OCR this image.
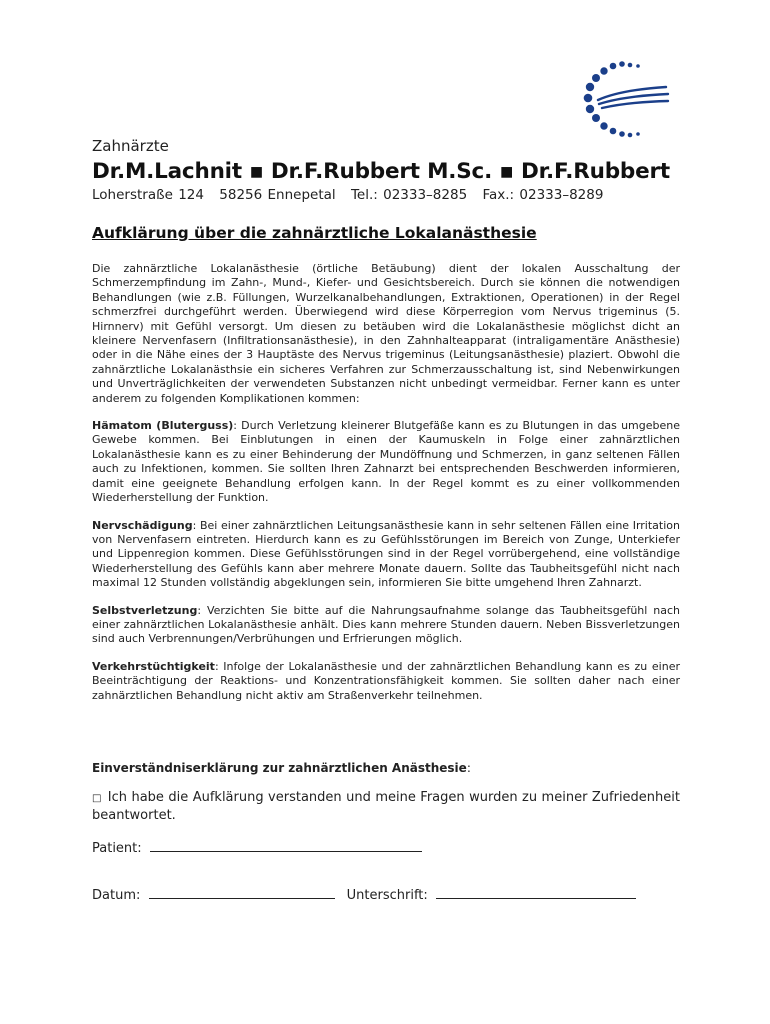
Zahnärzte
Dr.M.Lachnit ▪ Dr.F.Rubbert M.Sc. ▪ Dr.F.Rubbert
Loherstraße 124 58256 Ennepetal Tel.: 02333–8285 Fax.: 02333–8289
Aufklärung über die zahnärztliche Lokalanästhesie

Die zahnärztliche Lokalanästhesie (örtliche Betäubung) dient der lokalen Ausschaltung der Schmerzempfindung im Zahn-, Mund-, Kiefer- und Gesichtsbereich. Durch sie können die notwendigen Behandlungen (wie z.B. Füllungen, Wurzelkanalbehandlungen, Extraktionen, Operationen) in der Regel schmerzfrei durchgeführt werden. Überwiegend wird diese Körperregion vom Nervus trigeminus (5. Hirnnerv) mit Gefühl versorgt. Um diesen zu betäuben wird die Lokalanästhesie möglichst dicht an kleinere Nervenfasern (Infiltrationsanästhesie), in den Zahnhalteapparat (intraligamentäre Anästhesie) oder in die Nähe eines der 3 Hauptäste des Nervus trigeminus (Leitungsanästhesie) plaziert. Obwohl die zahnärztliche Lokalanästhsie ein sicheres Verfahren zur Schmerzausschaltung ist, sind Nebenwirkungen und Unverträglichkeiten der verwendeten Substanzen nicht unbedingt vermeidbar. Ferner kann es unter anderem zu folgenden Komplikationen kommen:

Hämatom (Bluterguss): Durch Verletzung kleinerer Blutgefäße kann es zu Blutungen in das umgebene Gewebe kommen. Bei Einblutungen in einen der Kaumuskeln in Folge einer zahnärztlichen Lokalanästhesie kann es zu einer Behinderung der Mundöffnung und Schmerzen, in ganz seltenen Fällen auch zu Infektionen, kommen. Sie sollten Ihren Zahnarzt bei entsprechenden Beschwerden informieren, damit eine geeignete Behandlung erfolgen kann. In der Regel kommt es zu einer vollkommenden Wiederherstellung der Funktion.

Nervschädigung: Bei einer zahnärztlichen Leitungsanästhesie kann in sehr seltenen Fällen eine Irritation von Nervenfasern eintreten. Hierdurch kann es zu Gefühlsstörungen im Bereich von Zunge, Unterkiefer und Lippenregion kommen. Diese Gefühlsstörungen sind in der Regel vorrübergehend, eine vollständige Wiederherstellung des Gefühls kann aber mehrere Monate dauern. Sollte das Taubheitsgefühl nicht nach maximal 12 Stunden vollständig abgeklungen sein, informieren Sie bitte umgehend Ihren Zahnarzt.

Selbstverletzung: Verzichten Sie bitte auf die Nahrungsaufnahme solange das Taubheitsgefühl nach einer zahnärztlichen Lokalanästhesie anhält. Dies kann mehrere Stunden dauern. Neben Bissverletzungen sind auch Verbrennungen/Verbrühungen und Erfrierungen möglich.

Verkehrstüchtigkeit: Infolge der Lokalanästhesie und der zahnärztlichen Behandlung kann es zu einer Beeinträchtigung der Reaktions- und Konzentrationsfähigkeit kommen. Sie sollten daher nach einer zahnärztlichen Behandlung nicht aktiv am Straßenverkehr teilnehmen.

Einverständniserklärung zur zahnärztlichen Anästhesie:

□ Ich habe die Aufklärung verstanden und meine Fragen wurden zu meiner Zufriedenheit beantwortet.

Patient:
Datum:	Unterschrift:
